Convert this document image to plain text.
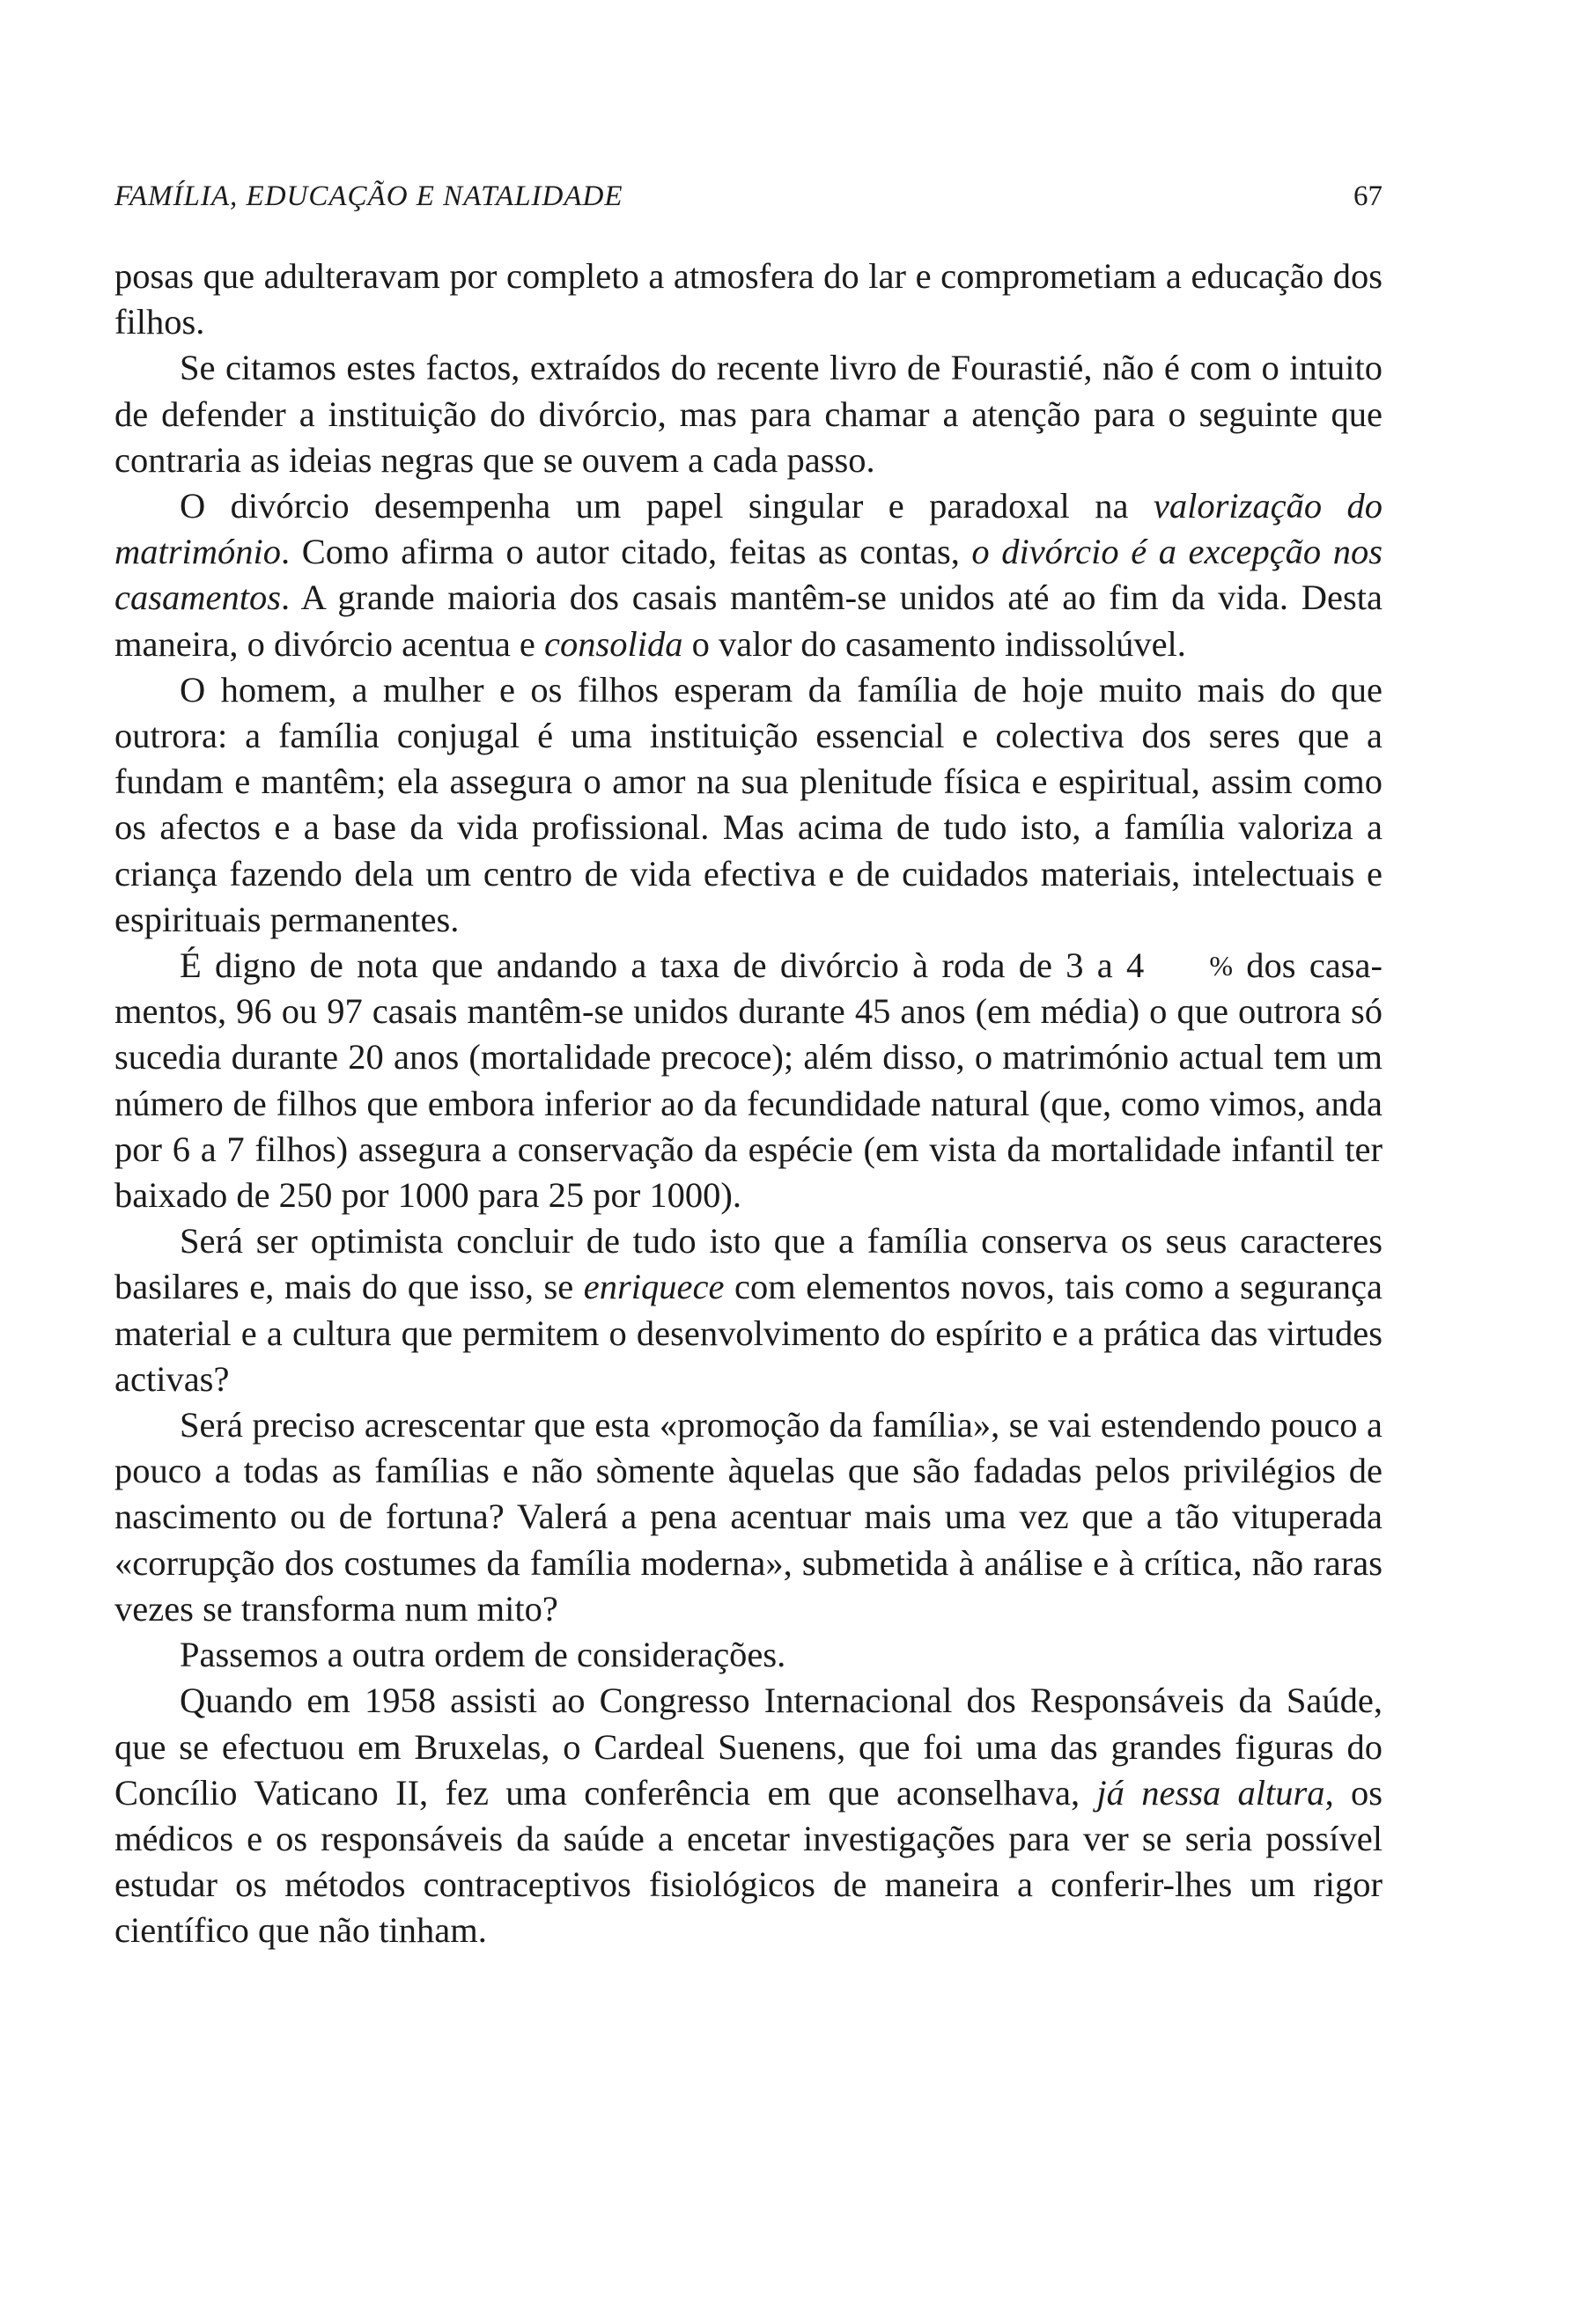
FAMÍLIA, EDUCAÇÃO E NATALIDADE	67

posas que adulteravam por completo a atmosfera do lar e comprometiam a educação dos filhos.

Se citamos estes factos, extraídos do recente livro de Fourastié, não é com o intuito de defender a instituição do divórcio, mas para chamar a atenção para o seguinte que contraria as ideias negras que se ouvem a cada passo.

O divórcio desempenha um papel singular e paradoxal na valorização do matrimónio. Como afirma o autor citado, feitas as contas, o divórcio é a excepção nos casamentos. A grande maioria dos casais mantêm-se unidos até ao fim da vida. Desta maneira, o divórcio acentua e consolida o valor do casamento indissolúvel.

O homem, a mulher e os filhos esperam da família de hoje muito mais do que outrora: a família conjugal é uma instituição essencial e colectiva dos seres que a fundam e mantêm; ela assegura o amor na sua plenitude física e espiritual, assim como os afectos e a base da vida profissional. Mas acima de tudo isto, a família valoriza a criança fazendo dela um centro de vida efectiva e de cuidados materiais, intelectuais e espirituais permanentes.

É digno de nota que andando a taxa de divórcio à roda de 3 a 4 % dos casamentos, 96 ou 97 casais mantêm-se unidos durante 45 anos (em média) o que outrora só sucedia durante 20 anos (mortalidade precoce); além disso, o matrimónio actual tem um número de filhos que embora inferior ao da fecundidade natural (que, como vimos, anda por 6 a 7 filhos) assegura a conservação da espécie (em vista da mortalidade infantil ter baixado de 250 por 1000 para 25 por 1000).

Será ser optimista concluir de tudo isto que a família conserva os seus caracteres basilares e, mais do que isso, se enriquece com elementos novos, tais como a segurança material e a cultura que permitem o desenvolvimento do espírito e a prática das virtudes activas?

Será preciso acrescentar que esta «promoção da família», se vai estendendo pouco a pouco a todas as famílias e não sòmente àquelas que são fadadas pelos privilégios de nascimento ou de fortuna? Valerá a pena acentuar mais uma vez que a tão vituperada «corrupção dos costumes da família moderna», submetida à análise e à crítica, não raras vezes se transforma num mito?

Passemos a outra ordem de considerações.

Quando em 1958 assisti ao Congresso Internacional dos Responsáveis da Saúde, que se efectuou em Bruxelas, o Cardeal Suenens, que foi uma das grandes figuras do Concílio Vaticano II, fez uma conferência em que aconselhava, já nessa altura, os médicos e os responsáveis da saúde a encetar investigações para ver se seria possível estudar os métodos contraceptivos fisiológicos de maneira a conferir-lhes um rigor científico que não tinham.
